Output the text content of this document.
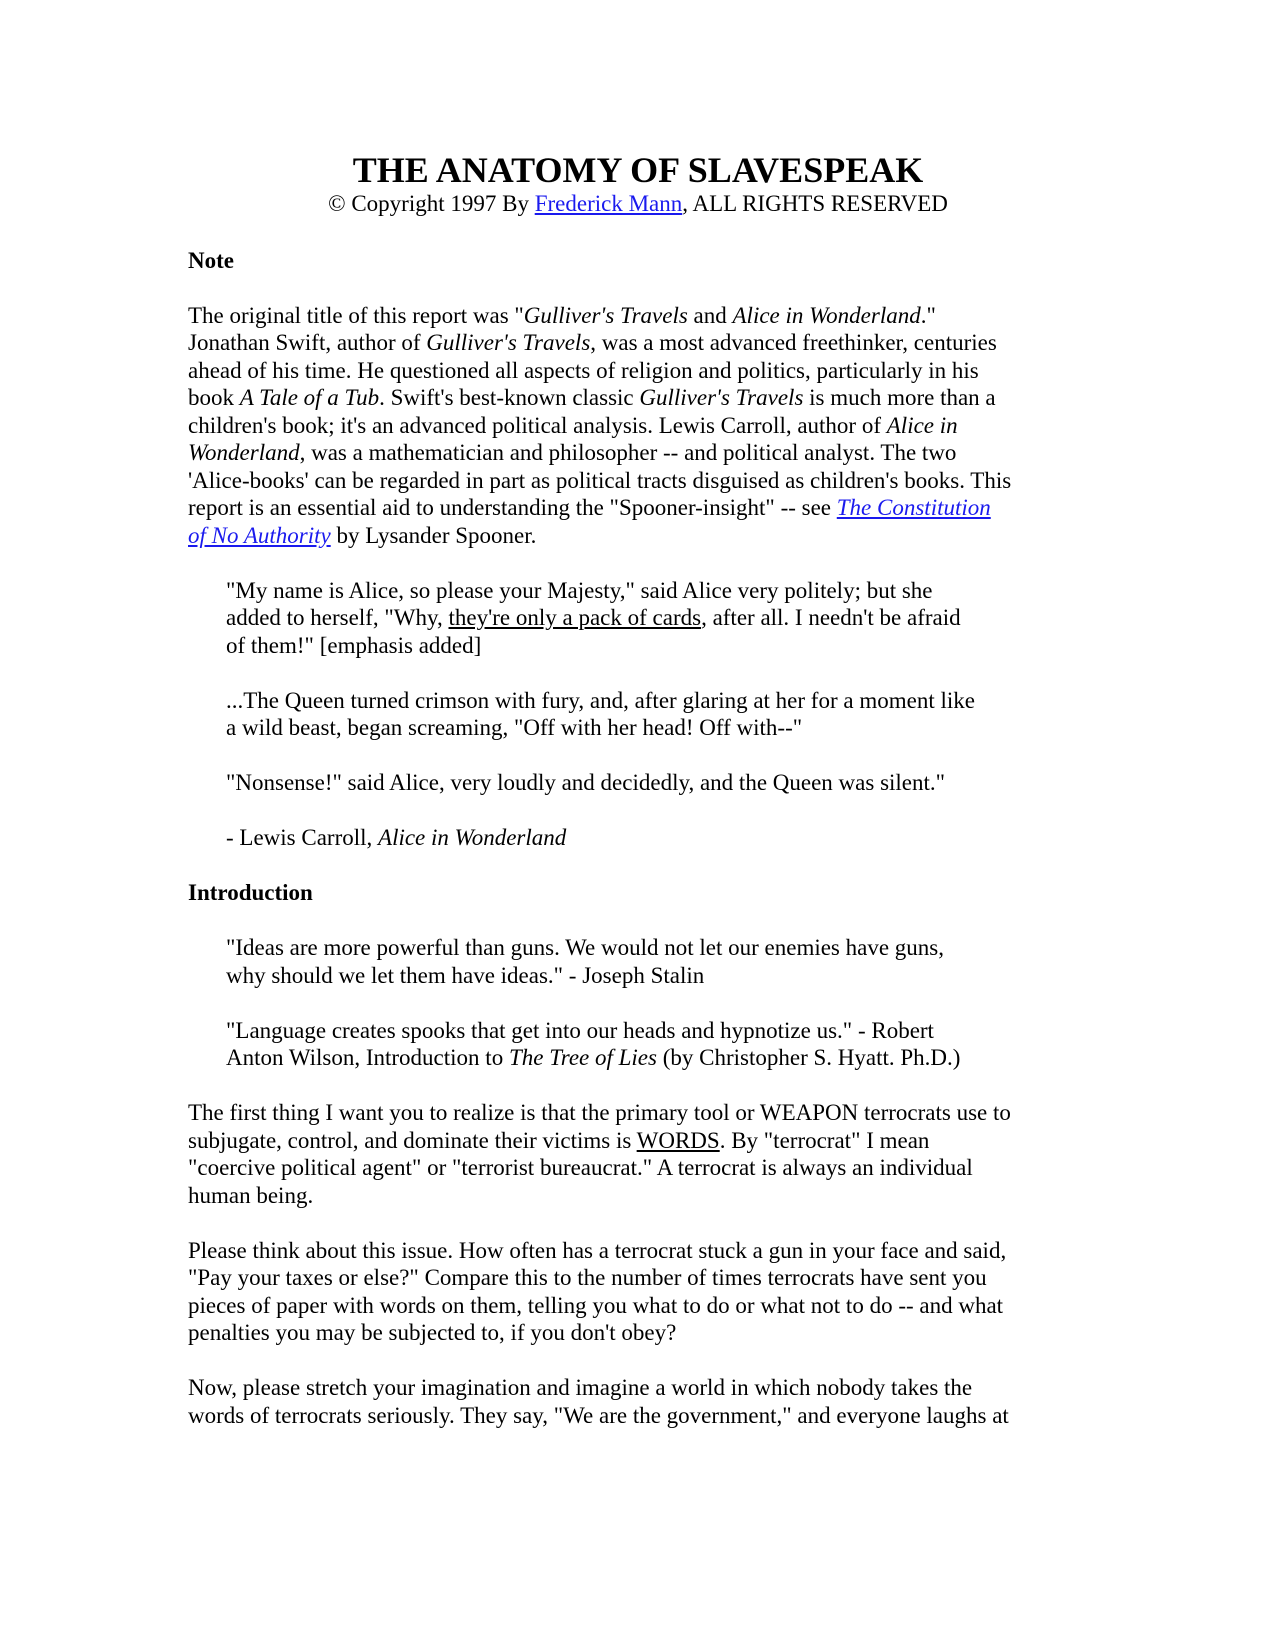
THE ANATOMY OF SLAVESPEAK

© Copyright 1997 By Frederick Mann, ALL RIGHTS RESERVED

Note

The original title of this report was "Gulliver's Travels and Alice in Wonderland."
Jonathan Swift, author of Gulliver's Travels, was a most advanced freethinker, centuries
ahead of his time. He questioned all aspects of religion and politics, particularly in his
book A Tale of a Tub. Swift's best-known classic Gulliver's Travels is much more than a
children's book; it's an advanced political analysis. Lewis Carroll, author of Alice in
Wonderland, was a mathematician and philosopher -- and political analyst. The two
'Alice-books' can be regarded in part as political tracts disguised as children's books. This
report is an essential aid to understanding the "Spooner-insight" -- see The Constitution
of No Authority by Lysander Spooner.

"My name is Alice, so please your Majesty," said Alice very politely; but she
added to herself, "Why, they're only a pack of cards, after all. I needn't be afraid
of them!" [emphasis added]

...The Queen turned crimson with fury, and, after glaring at her for a moment like
a wild beast, began screaming, "Off with her head! Off with--"

"Nonsense!" said Alice, very loudly and decidedly, and the Queen was silent."

- Lewis Carroll, Alice in Wonderland

Introduction

"Ideas are more powerful than guns. We would not let our enemies have guns,
why should we let them have ideas." - Joseph Stalin

"Language creates spooks that get into our heads and hypnotize us." - Robert
Anton Wilson, Introduction to The Tree of Lies (by Christopher S. Hyatt. Ph.D.)

The first thing I want you to realize is that the primary tool or WEAPON terrocrats use to
subjugate, control, and dominate their victims is WORDS. By "terrocrat" I mean
"coercive political agent" or "terrorist bureaucrat." A terrocrat is always an individual
human being.

Please think about this issue. How often has a terrocrat stuck a gun in your face and said,
"Pay your taxes or else?" Compare this to the number of times terrocrats have sent you
pieces of paper with words on them, telling you what to do or what not to do -- and what
penalties you may be subjected to, if you don't obey?

Now, please stretch your imagination and imagine a world in which nobody takes the
words of terrocrats seriously. They say, "We are the government," and everyone laughs at
